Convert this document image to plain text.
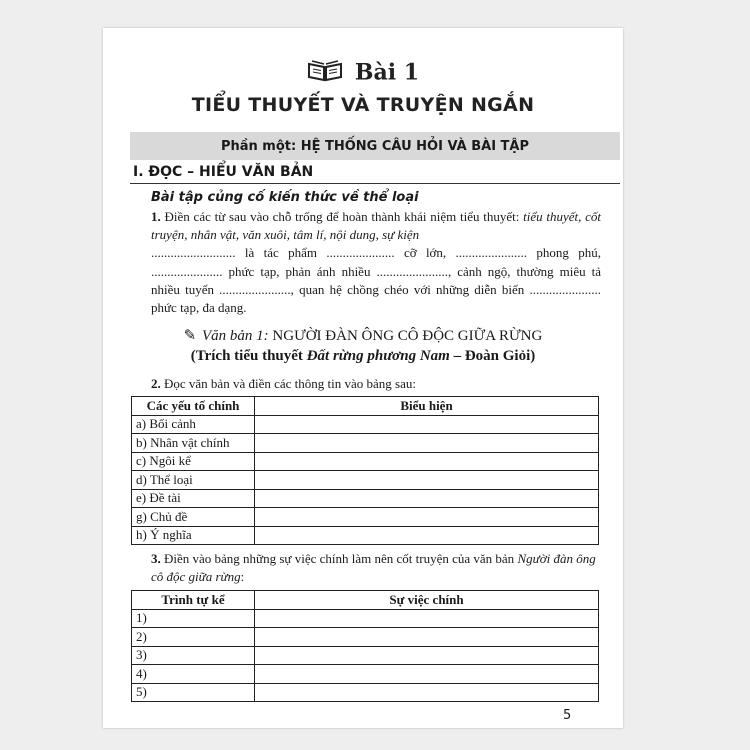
Bài 1
TIỂU THUYẾT VÀ TRUYỆN NGẮN
Phần một: HỆ THỐNG CÂU HỎI VÀ BÀI TẬP
I. ĐỌC – HIỂU VĂN BẢN
Bài tập củng cố kiến thức về thể loại
1. Điền các từ sau vào chỗ trống để hoàn thành khái niệm tiểu thuyết: tiểu thuyết, cốt truyện, nhân vật, văn xuôi, tâm lí, nội dung, sự kiện
.......................... là tác phẩm ..................... cỡ lớn, ...................... phong phú, ...................... phức tạp, phản ánh nhiều ......................, cảnh ngộ, thường miêu tả nhiều tuyến ......................, quan hệ chồng chéo với những diễn biến ...................... phức tạp, đa dạng.
✎ Văn bản 1: NGƯỜI ĐÀN ÔNG CÔ ĐỘC GIỮA RỪNG
(Trích tiểu thuyết Đất rừng phương Nam – Đoàn Giỏi)
2. Đọc văn bản và điền các thông tin vào bảng sau:
Các yếu tố chính	Biểu hiện
a) Bối cảnh	
b) Nhân vật chính	
c) Ngôi kể	
d) Thể loại	
e) Đề tài	
g) Chủ đề	
h) Ý nghĩa	
3. Điền vào bảng những sự việc chính làm nên cốt truyện của văn bản Người đàn ông cô độc giữa rừng:
Trình tự kể	Sự việc chính
1)	
2)	
3)	
4)	
5)	
5
